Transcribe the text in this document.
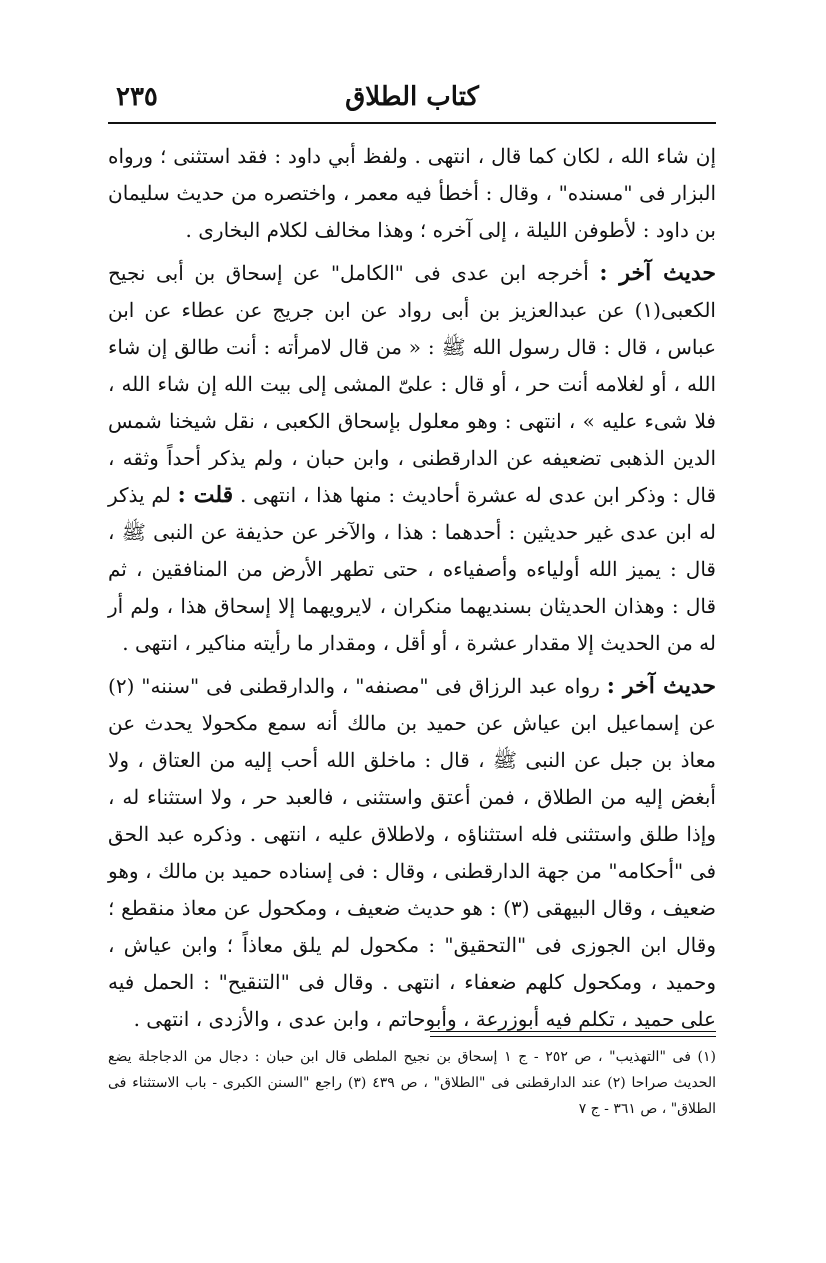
كتاب الطلاق
٢٣٥

إن شاء الله ، لكان كما قال ، انتهى . ولفظ أبي داود : فقد استثنى ؛ ورواه البزار فى "مسنده" ، وقال : أخطأ فيه معمر ، واختصره من حديث سليمان بن داود : لأطوفن الليلة ، إلى آخره ؛ وهذا مخالف لكلام البخارى .

حديث آخر : أخرجه ابن عدى فى "الكامل" عن إسحاق بن أبى نجيح الكعبى(١) عن عبدالعزيز بن أبى رواد عن ابن جريج عن عطاء عن ابن عباس ، قال : قال رسول الله ﷺ : « من قال لامرأته : أنت طالق إن شاء الله ، أو لغلامه أنت حر ، أو قال : علىّ المشى إلى بيت الله إن شاء الله ، فلا شىء عليه » ، انتهى : وهو معلول بإسحاق الكعبى ، نقل شيخنا شمس الدين الذهبى تضعيفه عن الدارقطنى ، وابن حبان ، ولم يذكر أحداً وثقه ، قال : وذكر ابن عدى له عشرة أحاديث : منها هذا ، انتهى . قلت : لم يذكر له ابن عدى غير حديثين : أحدهما : هذا ، والآخر عن حذيفة عن النبى ﷺ ، قال : يميز الله أولياءه وأصفياءه ، حتى تطهر الأرض من المنافقين ، ثم قال : وهذان الحديثان بسنديهما منكران ، لايرويهما إلا إسحاق هذا ، ولم أر له من الحديث إلا مقدار عشرة ، أو أقل ، ومقدار ما رأيته مناكير ، انتهى .

حديث آخر : رواه عبد الرزاق فى "مصنفه" ، والدارقطنى فى "سننه" (٢) عن إسماعيل ابن عياش عن حميد بن مالك أنه سمع مكحولا يحدث عن معاذ بن جبل عن النبى ﷺ ، قال : ماخلق الله أحب إليه من العتاق ، ولا أبغض إليه من الطلاق ، فمن أعتق واستثنى ، فالعبد حر ، ولا استثناء له ، وإذا طلق واستثنى فله استثناؤه ، ولاطلاق عليه ، انتهى . وذكره عبد الحق فى "أحكامه" من جهة الدارقطنى ، وقال : فى إسناده حميد بن مالك ، وهو ضعيف ، وقال البيهقى (٣) : هو حديث ضعيف ، ومكحول عن معاذ منقطع ؛ وقال ابن الجوزى فى "التحقيق" : مكحول لم يلق معاذاً ؛ وابن عياش ، وحميد ، ومكحول كلهم ضعفاء ، انتهى . وقال فى "التنقيح" : الحمل فيه على حميد ، تكلم فيه أبوزرعة ، وأبوحاتم ، وابن عدى ، والأزدى ، انتهى .

(١) فى "التهذيب" ، ص ٢٥٢ - ج ١ إسحاق بن نجيح الملطى قال ابن حبان : دجال من الدجاجلة يضع الحديث صراحا (٢) عند الدارقطنى فى "الطلاق" ، ص ٤٣٩ (٣) راجع "السنن الكبرى - باب الاستثناء فى الطلاق" ، ص ٣٦١ - ج ٧
